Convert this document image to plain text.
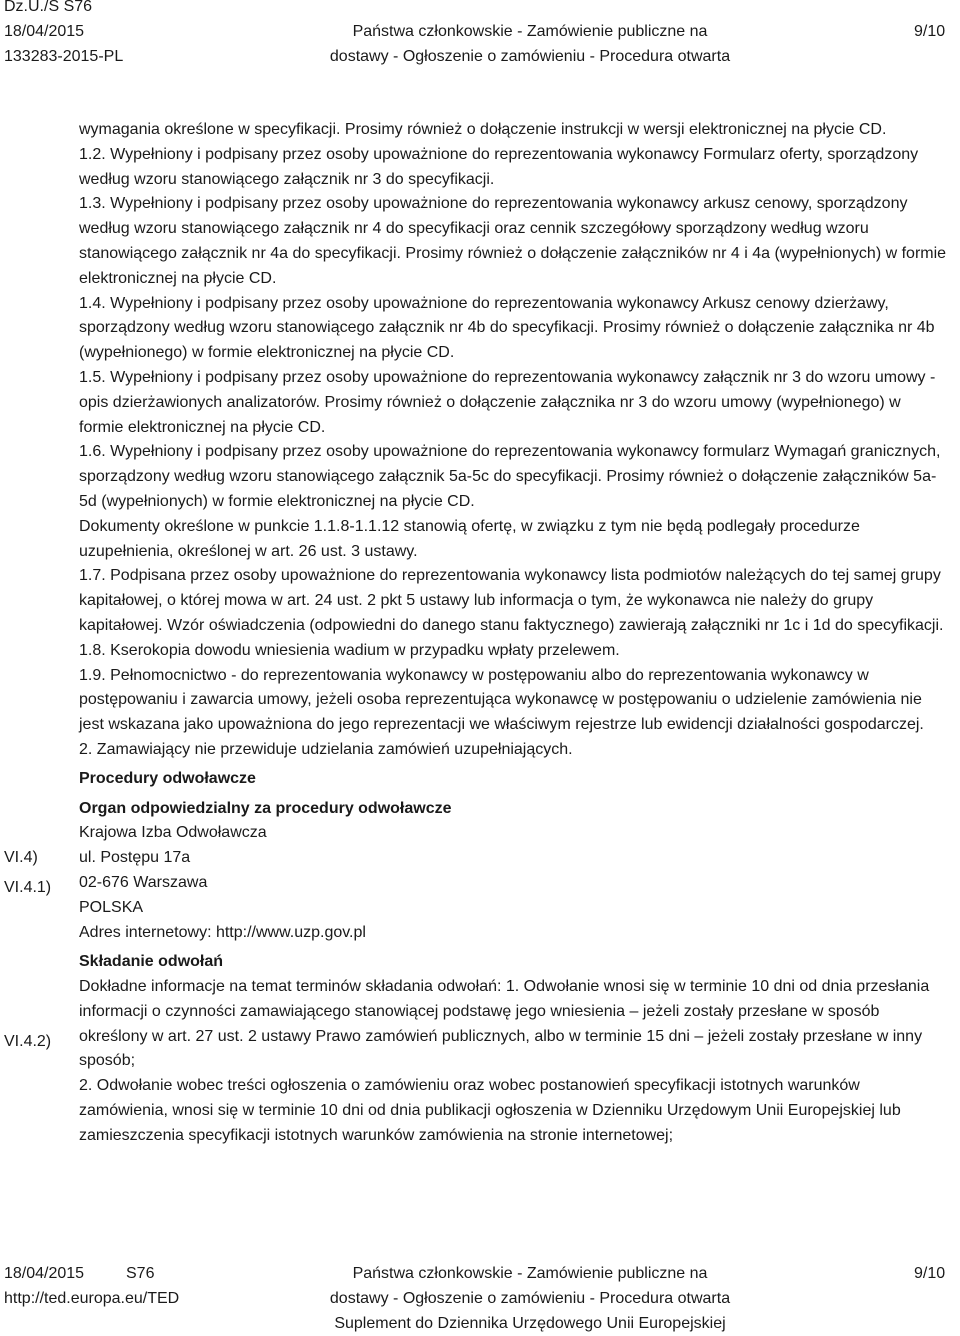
Dz.U./S S76
18/04/2015
133283-2015-PL
Państwa członkowskie - Zamówienie publiczne na
dostawy - Ogłoszenie o zamówieniu - Procedura otwarta
9/10
VI.4)
VI.4.1)
VI.4.2)

wymagania określone w specyfikacji. Prosimy również o dołączenie instrukcji w wersji elektronicznej na płycie CD.

1.2. Wypełniony i podpisany przez osoby upoważnione do reprezentowania wykonawcy Formularz oferty, sporządzony według wzoru stanowiącego załącznik nr 3 do specyfikacji.

1.3. Wypełniony i podpisany przez osoby upoważnione do reprezentowania wykonawcy arkusz cenowy, sporządzony według wzoru stanowiącego załącznik nr 4 do specyfikacji oraz cennik szczegółowy sporządzony według wzoru stanowiącego załącznik nr 4a do specyfikacji. Prosimy również o dołączenie załączników nr 4 i 4a (wypełnionych) w formie elektronicznej na płycie CD.

1.4. Wypełniony i podpisany przez osoby upoważnione do reprezentowania wykonawcy Arkusz cenowy dzierżawy, sporządzony według wzoru stanowiącego załącznik nr 4b do specyfikacji. Prosimy również o dołączenie załącznika nr 4b (wypełnionego) w formie elektronicznej na płycie CD.

1.5. Wypełniony i podpisany przez osoby upoważnione do reprezentowania wykonawcy załącznik nr 3 do wzoru umowy - opis dzierżawionych analizatorów. Prosimy również o dołączenie załącznika nr 3 do wzoru umowy (wypełnionego) w formie elektronicznej na płycie CD.

1.6. Wypełniony i podpisany przez osoby upoważnione do reprezentowania wykonawcy formularz Wymagań granicznych, sporządzony według wzoru stanowiącego załącznik 5a-5c do specyfikacji. Prosimy również o dołączenie załączników 5a-5d (wypełnionych) w formie elektronicznej na płycie CD.

Dokumenty określone w punkcie 1.1.8-1.1.12 stanowią ofertę, w związku z tym nie będą podlegały procedurze uzupełnienia, określonej w art. 26 ust. 3 ustawy.

1.7. Podpisana przez osoby upoważnione do reprezentowania wykonawcy lista podmiotów należących do tej samej grupy kapitałowej, o której mowa w art. 24 ust. 2 pkt 5 ustawy lub informacja o tym, że wykonawca nie należy do grupy kapitałowej. Wzór oświadczenia (odpowiedni do danego stanu faktycznego) zawierają załączniki nr 1c i 1d do specyfikacji.

1.8. Kserokopia dowodu wniesienia wadium w przypadku wpłaty przelewem.

1.9. Pełnomocnictwo - do reprezentowania wykonawcy w postępowaniu albo do reprezentowania wykonawcy w postępowaniu i zawarcia umowy, jeżeli osoba reprezentująca wykonawcę w postępowaniu o udzielenie zamówienia nie jest wskazana jako upoważniona do jego reprezentacji we właściwym rejestrze lub ewidencji działalności gospodarczej.

2. Zamawiający nie przewiduje udzielania zamówień uzupełniających.

Procedury odwoławcze

Organ odpowiedzialny za procedury odwoławcze

Krajowa Izba Odwoławcza

ul. Postępu 17a

02-676 Warszawa

POLSKA

Adres internetowy: http://www.uzp.gov.pl

Składanie odwołań

Dokładne informacje na temat terminów składania odwołań: 1. Odwołanie wnosi się w terminie 10 dni od dnia przesłania informacji o czynności zamawiającego stanowiącej podstawę jego wniesienia – jeżeli zostały przesłane w sposób określony w art. 27 ust. 2 ustawy Prawo zamówień publicznych, albo w terminie 15 dni – jeżeli zostały przesłane w inny sposób;

2. Odwołanie wobec treści ogłoszenia o zamówieniu oraz wobec postanowień specyfikacji istotnych warunków zamówienia, wnosi się w terminie 10 dni od dnia publikacji ogłoszenia w Dzienniku Urzędowym Unii Europejskiej lub zamieszczenia specyfikacji istotnych warunków zamówienia na stronie internetowej;

18/04/2015	S76
http://ted.europa.eu/TED
Państwa członkowskie - Zamówienie publiczne na
dostawy - Ogłoszenie o zamówieniu - Procedura otwarta
Suplement do Dziennika Urzędowego Unii Europejskiej
9/10
